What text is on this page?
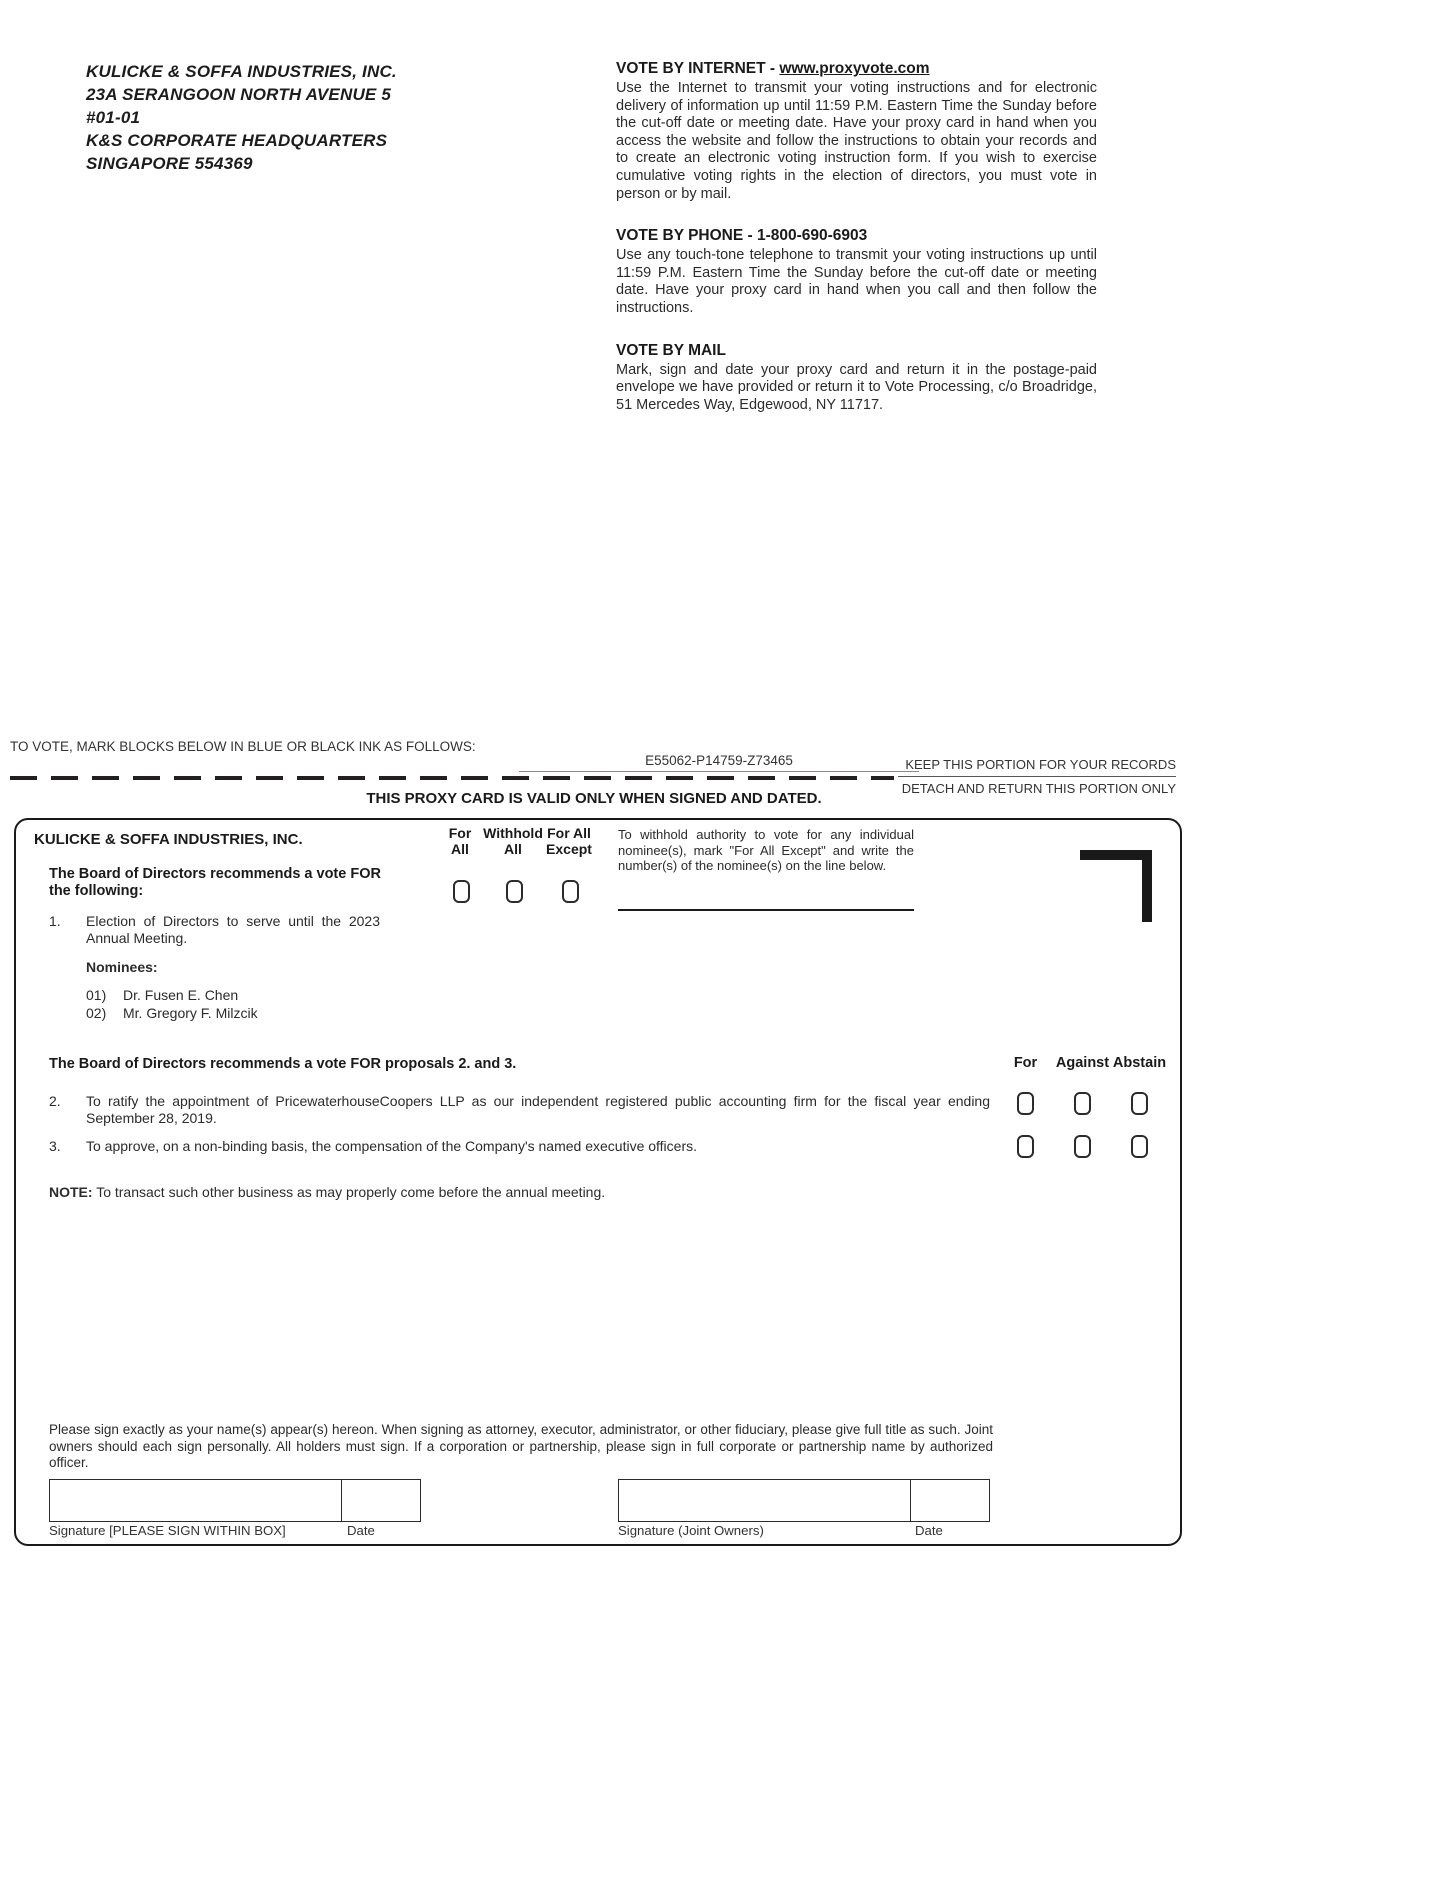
KULICKE & SOFFA INDUSTRIES, INC.
23A SERANGOON NORTH AVENUE 5
#01-01
K&S CORPORATE HEADQUARTERS
SINGAPORE 554369
VOTE BY INTERNET - www.proxyvote.com
Use the Internet to transmit your voting instructions and for electronic delivery of information up until 11:59 P.M. Eastern Time the Sunday before the cut-off date or meeting date. Have your proxy card in hand when you access the website and follow the instructions to obtain your records and to create an electronic voting instruction form. If you wish to exercise cumulative voting rights in the election of directors, you must vote in person or by mail.
VOTE BY PHONE - 1-800-690-6903
Use any touch-tone telephone to transmit your voting instructions up until 11:59 P.M. Eastern Time the Sunday before the cut-off date or meeting date. Have your proxy card in hand when you call and then follow the instructions.
VOTE BY MAIL
Mark, sign and date your proxy card and return it in the postage-paid envelope we have provided or return it to Vote Processing, c/o Broadridge, 51 Mercedes Way, Edgewood, NY 11717.
TO VOTE, MARK BLOCKS BELOW IN BLUE OR BLACK INK AS FOLLOWS:
E55062-P14759-Z73465	KEEP THIS PORTION FOR YOUR RECORDS
DETACH AND RETURN THIS PORTION ONLY
THIS PROXY CARD IS VALID ONLY WHEN SIGNED AND DATED.
KULICKE & SOFFA INDUSTRIES, INC.	For
All
Withhold
All
For All
Except
To withhold authority to vote for any individual nominee(s), mark "For All Except" and write the number(s) of the nominee(s) on the line below.
The Board of Directors recommends a vote FOR the following:
1. Election of Directors to serve until the 2023 Annual Meeting.
Nominees:
01)	Dr. Fusen E. Chen
02)	Mr. Gregory F. Milzcik
The Board of Directors recommends a vote FOR proposals 2. and 3.	For	Against Abstain
2. To ratify the appointment of PricewaterhouseCoopers LLP as our independent registered public accounting firm for the fiscal year ending September 28, 2019.
3. To approve, on a non-binding basis, the compensation of the Company's named executive officers.
NOTE: To transact such other business as may properly come before the annual meeting.
Please sign exactly as your name(s) appear(s) hereon. When signing as attorney, executor, administrator, or other fiduciary, please give full title as such. Joint owners should each sign personally. All holders must sign. If a corporation or partnership, please sign in full corporate or partnership name by authorized officer.
Signature [PLEASE SIGN WITHIN BOX]	Date	Signature (Joint Owners)	Date
